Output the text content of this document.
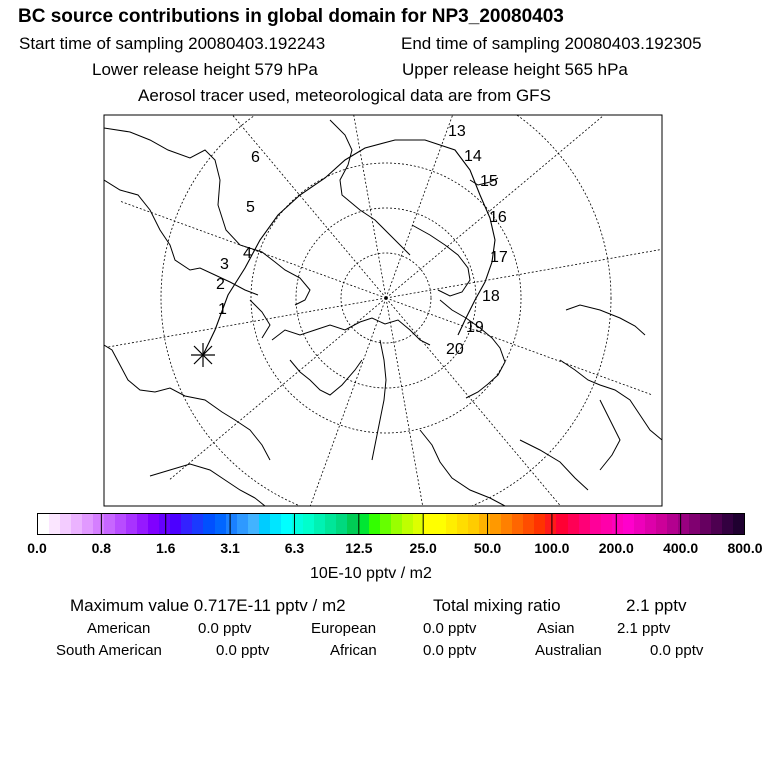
BC source contributions in global domain for NP3_20080403
Start time of sampling 20080403.192243	End time of sampling 20080403.192305
Lower release height 579 hPa	Upper release height 565 hPa
Aerosol tracer used, meteorological data are from GFS
1
2
3
4
5
6
13
14
15
16
17
18
19
20
0.0	0.8	1.6	3.1	6.3	12.5	25.0	50.0 100.0 200.0 400.0 800.0
10E-10 pptv / m2
Maximum value 0.717E-11 pptv / m2	Total mixing ratio	2.1 pptv
American	0.0 pptv	European	0.0 pptv	Asian	2.1 pptv
South American	0.0 pptv	African	0.0 pptv	Australian	0.0 pptv
